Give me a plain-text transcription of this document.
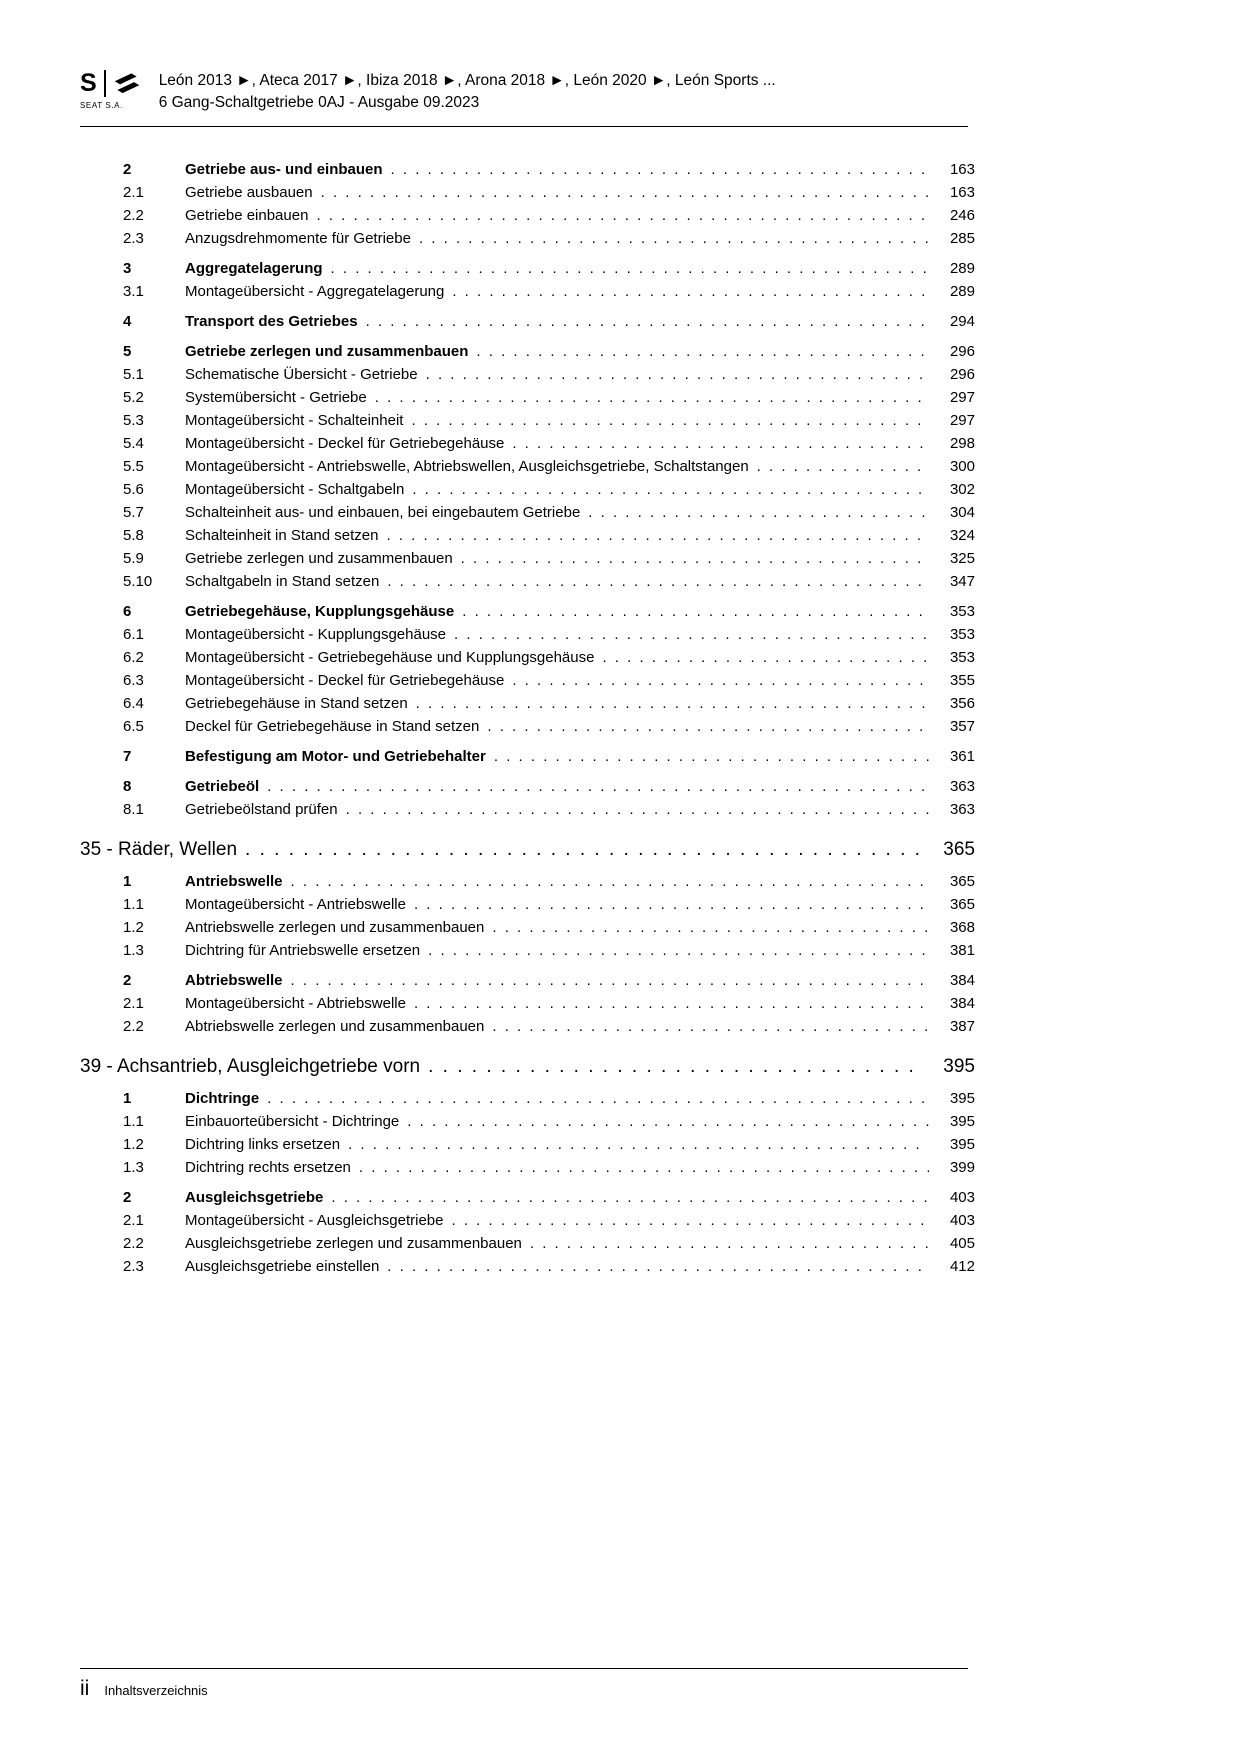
S
SEAT S.A.
León 2013 ►, Ateca 2017 ►, Ibiza 2018 ►, Arona 2018 ►, León 2020 ►, León Sports ...
6 Gang-Schaltgetriebe 0AJ - Ausgabe 09.2023
2	Getriebe aus- und einbauen . . .	163
2.1	Getriebe ausbauen . . .	163
2.2	Getriebe einbauen . . .	246
2.3	Anzugsdrehmomente für Getriebe . . .	285
3	Aggregatelagerung . . .	289
3.1	Montageübersicht - Aggregatelagerung . . .	289
4	Transport des Getriebes . . .	294
5	Getriebe zerlegen und zusammenbauen . . .	296
5.1	Schematische Übersicht - Getriebe . . .	296
5.2	Systemübersicht - Getriebe . . .	297
5.3	Montageübersicht - Schalteinheit . . .	297
5.4	Montageübersicht - Deckel für Getriebegehäuse . . .	298
5.5	Montageübersicht - Antriebswelle, Abtriebswellen, Ausgleichsgetriebe, Schaltstangen . . .	300
5.6	Montageübersicht - Schaltgabeln . . .	302
5.7	Schalteinheit aus- und einbauen, bei eingebautem Getriebe . . .	304
5.8	Schalteinheit in Stand setzen . . .	324
5.9	Getriebe zerlegen und zusammenbauen . . .	325
5.10	Schaltgabeln in Stand setzen . . .	347
6	Getriebegehäuse, Kupplungsgehäuse . . .	353
6.1	Montageübersicht - Kupplungsgehäuse . . .	353
6.2	Montageübersicht - Getriebegehäuse und Kupplungsgehäuse . . .	353
6.3	Montageübersicht - Deckel für Getriebegehäuse . . .	355
6.4	Getriebegehäuse in Stand setzen . . .	356
6.5	Deckel für Getriebegehäuse in Stand setzen . . .	357
7	Befestigung am Motor- und Getriebehalter . . .	361
8	Getriebeöl . . .	363
8.1	Getriebeölstand prüfen . . .	363
35 - Räder, Wellen . . .	365
1	Antriebswelle . . .	365
1.1	Montageübersicht - Antriebswelle . . .	365
1.2	Antriebswelle zerlegen und zusammenbauen . . .	368
1.3	Dichtring für Antriebswelle ersetzen . . .	381
2	Abtriebswelle . . .	384
2.1	Montageübersicht - Abtriebswelle . . .	384
2.2	Abtriebswelle zerlegen und zusammenbauen . . .	387
39 - Achsantrieb, Ausgleichgetriebe vorn . . .	395
1	Dichtringe . . .	395
1.1	Einbauorteübersicht - Dichtringe . . .	395
1.2	Dichtring links ersetzen . . .	395
1.3	Dichtring rechts ersetzen . . .	399
2	Ausgleichsgetriebe . . .	403
2.1	Montageübersicht - Ausgleichsgetriebe . . .	403
2.2	Ausgleichsgetriebe zerlegen und zusammenbauen . . .	405
2.3	Ausgleichsgetriebe einstellen . . .	412
ii Inhaltsverzeichnis
